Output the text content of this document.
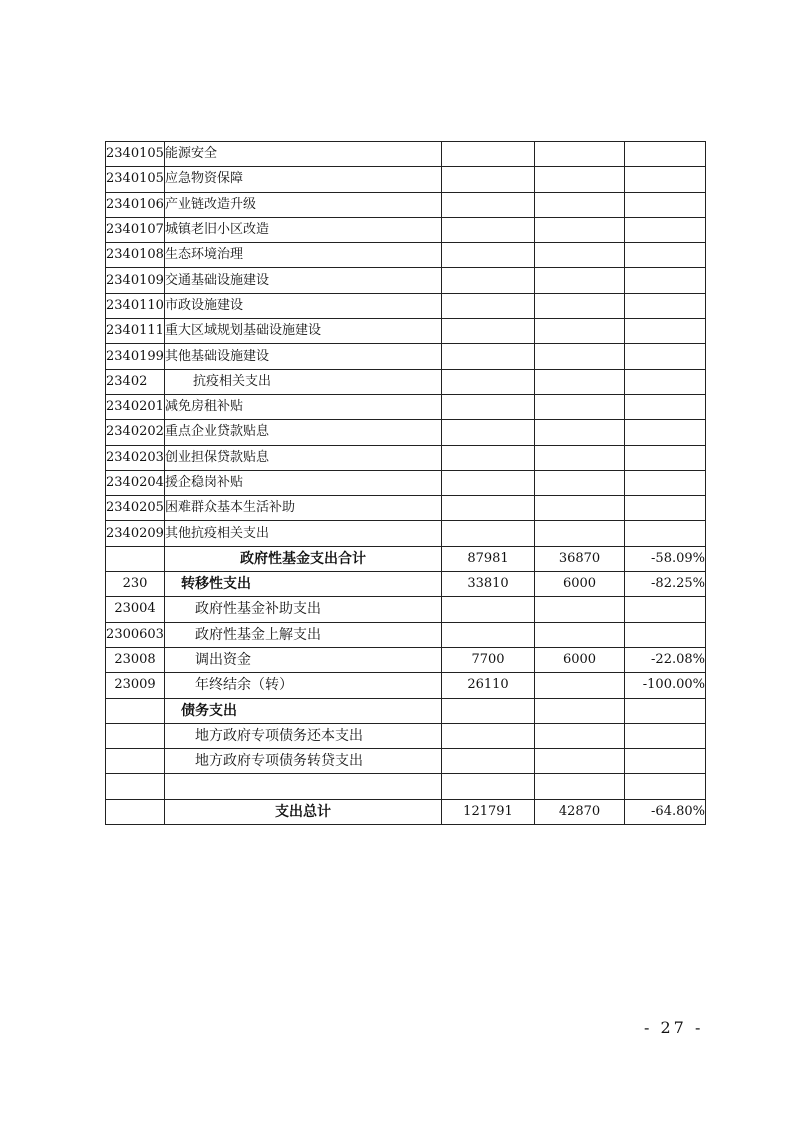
2340105	能源安全			
2340105	应急物资保障			
2340106	产业链改造升级			
2340107	城镇老旧小区改造			
2340108	生态环境治理			
2340109	交通基础设施建设			
2340110	市政设施建设			
2340111	重大区域规划基础设施建设			
2340199	其他基础设施建设			
23402	抗疫相关支出			
2340201	减免房租补贴			
2340202	重点企业贷款贴息			
2340203	创业担保贷款贴息			
2340204	援企稳岗补贴			
2340205	困难群众基本生活补助			
2340209	其他抗疫相关支出			
	政府性基金支出合计	87981	36870	-58.09%
230	转移性支出	33810	6000	-82.25%
23004	政府性基金补助支出			
2300603	政府性基金上解支出			
23008	调出资金	7700	6000	-22.08%
23009	年终结余（转）	26110		-100.00%
	债务支出			
	地方政府专项债务还本支出			
	地方政府专项债务转贷支出			

	支出总计	121791	42870	-64.80%
- 27 -
